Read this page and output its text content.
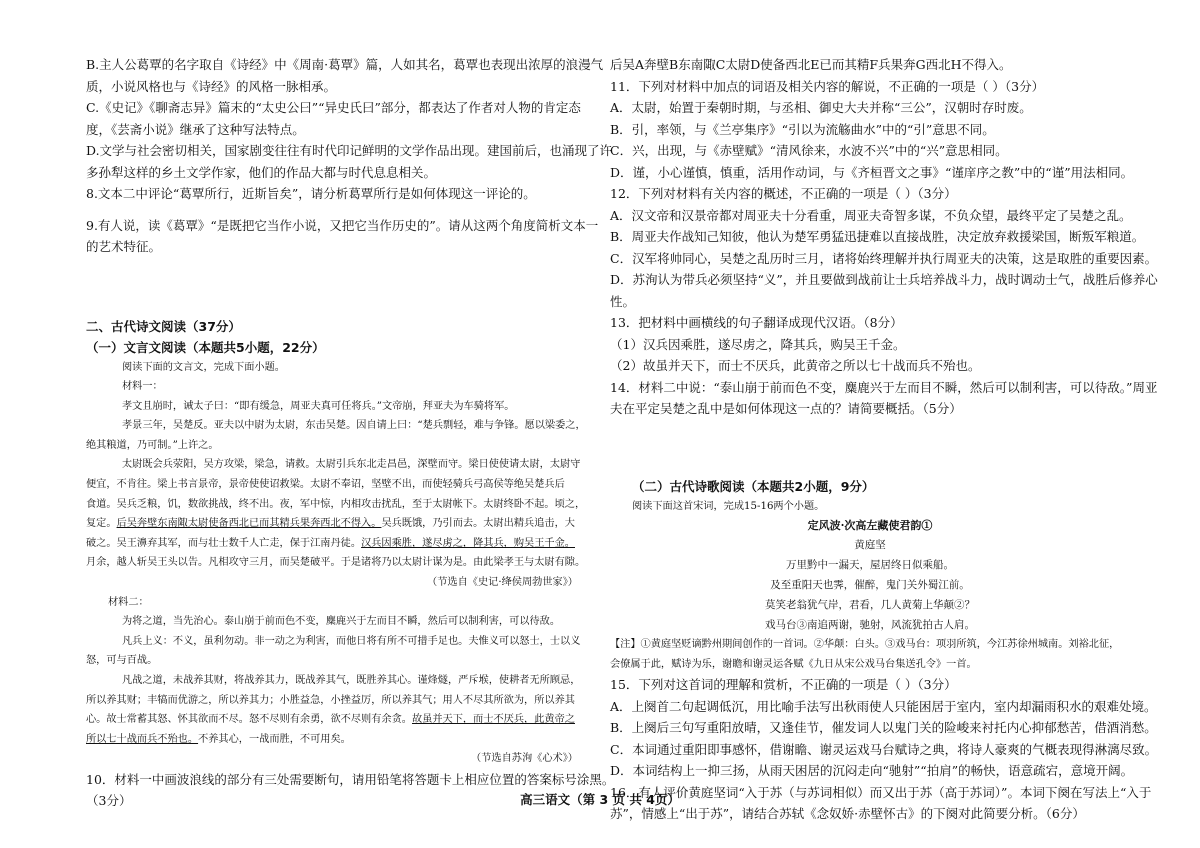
B.主人公葛覃的名字取自《诗经》中《周南·葛覃》篇，人如其名，葛覃也表现出浓厚的浪漫气
质，小说风格也与《诗经》的风格一脉相承。
C.《史记》《聊斋志异》篇末的“太史公曰”“异史氏曰”部分，都表达了作者对人物的肯定态
度，《芸斋小说》继承了这种写法特点。
D.文学与社会密切相关，国家剧变往往有时代印记鲜明的文学作品出现。建国前后，也涌现了许
多孙犁这样的乡土文学作家，他们的作品大都与时代息息相关。
8.文本二中评论“葛覃所行，近斯旨矣”，请分析葛覃所行是如何体现这一评论的。
9.有人说，读《葛覃》“是既把它当作小说，又把它当作历史的”。请从这两个角度简析文本一
的艺术特征。
二、古代诗文阅读（37分）
（一）文言文阅读（本题共5小题，22分）
阅读下面的文言文，完成下面小题。
材料一：
孝文且崩时，诫太子曰：“即有缓急，周亚夫真可任将兵。”文帝崩，拜亚夫为车骑将军。
孝景三年，吴楚反。亚夫以中尉为太尉，东击吴楚。因自请上曰：“楚兵剽轻，难与争锋。愿以梁委之，
绝其粮道，乃可制。”上许之。
太尉既会兵荥阳，吴方攻梁，梁急，请救。太尉引兵东北走昌邑，深壁而守。梁日使使请太尉，太尉守
便宜，不肯往。梁上书言景帝，景帝使使诏救梁。太尉不奉诏，坚壁不出，而使轻骑兵弓高侯等绝吴楚兵后
食道。吴兵乏粮，饥，数欲挑战，终不出。夜，军中惊，内相攻击扰乱，至于太尉帐下。太尉终卧不起。顷之，
复定。后吴奔壁东南陬太尉使备西北已而其精兵果奔西北不得入。吴兵既饿，乃引而去。太尉出精兵追击，大
破之。吴王濞弃其军，而与壮士数千人亡走，保于江南丹徒。汉兵因乘胜，遂尽虏之，降其兵，购吴王千金。
月余，越人斩吴王头以告。凡相攻守三月，而吴楚破平。于是诸将乃以太尉计谋为是。由此梁孝王与太尉有隙。
（节选自《史记·绛侯周勃世家》）
材料二：
为将之道，当先治心。泰山崩于前而色不变，麋鹿兴于左而目不瞬，然后可以制利害，可以待敌。
凡兵上义：不义，虽利勿动。非一动之为利害，而他日将有所不可措手足也。夫惟义可以怒士，士以义
怒，可与百战。
凡战之道，未战养其财，将战养其力，既战养其气，既胜养其心。谨烽燧，严斥堠，使耕者无所顾忌，
所以养其财；丰犒而优游之，所以养其力；小胜益急，小挫益厉，所以养其气；用人不尽其所欲为，所以养其
心。故士常蓄其怒、怀其欲而不尽。怒不尽则有余勇，欲不尽则有余贪。故虽并天下，而士不厌兵，此黄帝之
所以七十战而兵不殆也。不养其心，一战而胜，不可用矣。
（节选自苏洵《心术》）
10．材料一中画波浪线的部分有三处需要断句，请用铅笔将答题卡上相应位置的答案标号涂黑。
（3分）
后吴A奔壁B东南陬C太尉D使备西北E已而其精F兵果奔G西北H不得入。
11．下列对材料中加点的词语及相关内容的解说，不正确的一项是（ ）（3分）
A．太尉，始置于秦朝时期，与丞相、御史大夫并称“三公”，汉朝时存时废。
B．引，率领，与《兰亭集序》“引以为流觞曲水”中的“引”意思不同。
C．兴，出现，与《赤壁赋》“清风徐来，水波不兴”中的“兴”意思相同。
D．谨，小心谨慎，慎重，活用作动词，与《齐桓晋文之事》“谨庠序之教”中的“谨”用法相同。
12．下列对材料有关内容的概述，不正确的一项是（ ）（3分）
A．汉文帝和汉景帝都对周亚夫十分看重，周亚夫奇智多谋，不负众望，最终平定了吴楚之乱。
B．周亚夫作战知己知彼，他认为楚军勇猛迅捷难以直接战胜，决定放弃救援梁国，断叛军粮道。
C．汉军将帅同心，吴楚之乱历时三月，诸将始终理解并执行周亚夫的决策，这是取胜的重要因素。
D．苏洵认为带兵必须坚持“义”，并且要做到战前让士兵培养战斗力，战时调动士气，战胜后修养心
性。
13．把材料中画横线的句子翻译成现代汉语。（8分）
（1）汉兵因乘胜，遂尽虏之，降其兵，购吴王千金。
（2）故虽并天下，而士不厌兵，此黄帝之所以七十战而兵不殆也。
14．材料二中说：“泰山崩于前而色不变，麋鹿兴于左而目不瞬，然后可以制利害，可以待敌。”周亚
夫在平定吴楚之乱中是如何体现这一点的？请简要概括。（5分）
（二）古代诗歌阅读（本题共2小题，9分）
阅读下面这首宋词，完成15-16两个小题。
定风波·次高左藏使君韵①
黄庭坚
万里黔中一漏天，屋居终日似乘船。
及至重阳天也霁，催醉，鬼门关外蜀江前。
莫笑老翁犹气岸，君看，几人黄菊上华颠②？
戏马台③南追两谢，驰射，风流犹拍古人肩。
【注】①黄庭坚贬谪黔州期间创作的一首词。②华颠：白头。③戏马台：项羽所筑，今江苏徐州城南。刘裕北征，
会僚属于此，赋诗为乐，谢瞻和谢灵运各赋《九日从宋公戏马台集送孔令》一首。
15．下列对这首词的理解和赏析，不正确的一项是（ ）（3分）
A．上阕首二句起调低沉，用比喻手法写出秋雨使人只能困居于室内，室内却漏雨积水的艰难处境。
B．上阕后三句写重阳放晴，又逢佳节，催发词人以鬼门关的险峻来衬托内心抑郁愁苦，借酒消愁。
C．本词通过重阳即事感怀，借谢瞻、谢灵运戏马台赋诗之典，将诗人豪爽的气概表现得淋漓尽致。
D．本词结构上一抑三扬，从雨天困居的沉闷走向“驰射”“拍肩”的畅快，语意疏宕，意境开阔。
16．有人评价黄庭坚词“入于苏（与苏词相似）而又出于苏（高于苏词）”。本词下阕在写法上“入于
苏”，情感上“出于苏”，请结合苏轼《念奴娇·赤壁怀古》的下阕对此简要分析。（6分）
高三语文（第 3 页 共 4页）
